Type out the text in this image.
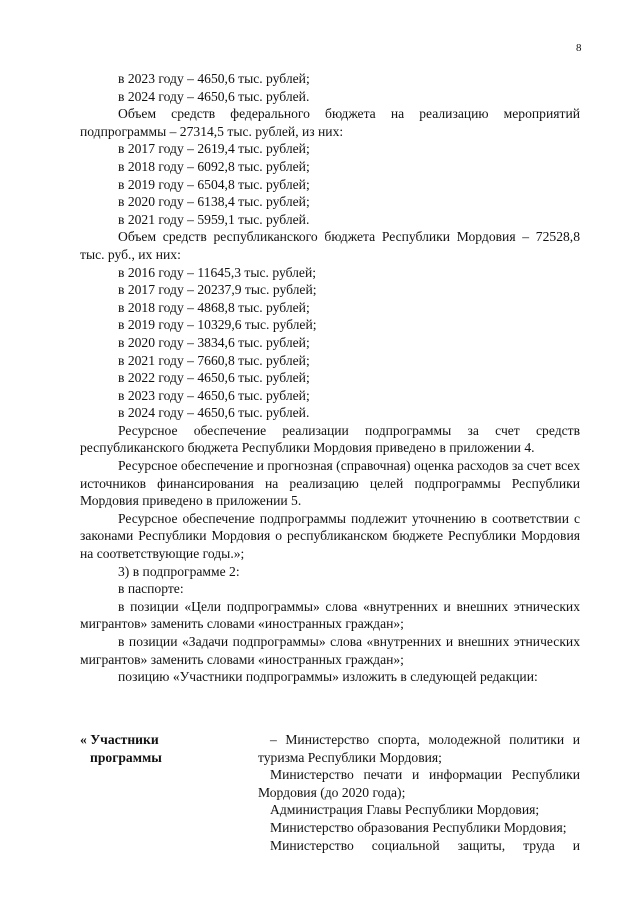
8
в 2023 году – 4650,6 тыс. рублей;
в 2024 году – 4650,6 тыс. рублей.
Объем средств федерального бюджета на реализацию мероприятий подпрограммы – 27314,5 тыс. рублей, из них:
в 2017 году – 2619,4 тыс. рублей;
в 2018 году – 6092,8 тыс. рублей;
в 2019 году – 6504,8 тыс. рублей;
в 2020 году – 6138,4 тыс. рублей;
в 2021 году – 5959,1 тыс. рублей.
Объем средств республиканского бюджета Республики Мордовия – 72528,8 тыс. руб., их них:
в 2016 году – 11645,3 тыс. рублей;
в 2017 году – 20237,9 тыс. рублей;
в 2018 году – 4868,8 тыс. рублей;
в 2019 году – 10329,6 тыс. рублей;
в 2020 году – 3834,6 тыс. рублей;
в 2021 году – 7660,8 тыс. рублей;
в 2022 году – 4650,6 тыс. рублей;
в 2023 году – 4650,6 тыс. рублей;
в 2024 году – 4650,6 тыс. рублей.
Ресурсное обеспечение реализации подпрограммы за счет средств республиканского бюджета Республики Мордовия приведено в приложении 4.
Ресурсное обеспечение и прогнозная (справочная) оценка расходов за счет всех источников финансирования на реализацию целей подпрограммы Республики Мордовия приведено в приложении 5.
Ресурсное обеспечение подпрограммы подлежит уточнению в соответствии с законами Республики Мордовия о республиканском бюджете Республики Мордовия на соответствующие годы.»;
3) в подпрограмме 2:
в паспорте:
в позиции «Цели подпрограммы» слова «внутренних и внешних этнических мигрантов» заменить словами «иностранных граждан»;
в позиции «Задачи подпрограммы» слова «внутренних и внешних этнических мигрантов» заменить словами «иностранных граждан»;
позицию «Участники подпрограммы» изложить в следующей редакции:
« Участники
программы
– Министерство спорта, молодежной политики и туризма Республики Мордовия;
Министерство печати и информации Республики Мордовия (до 2020 года);
Администрация Главы Республики Мордовия;
Министерство образования Республики Мордовия;
Министерство социальной защиты, труда и
